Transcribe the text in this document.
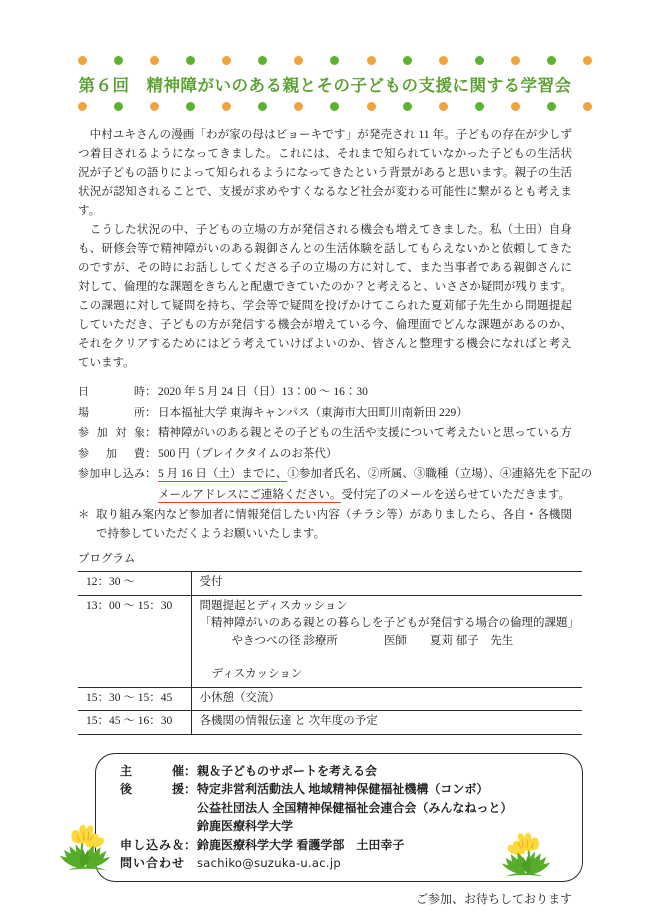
第６回　精神障がいのある親とその子どもの支援に関する学習会

　中村ユキさんの漫画「わが家の母はビョーキです」が発売され 11 年。子どもの存在が少しずつ着目されるようになってきました。これには、それまで知られていなかった子どもの生活状況が子どもの語りによって知られるようになってきたという背景があると思います。親子の生活状況が認知されることで、支援が求めやすくなるなど社会が変わる可能性に繋がるとも考えます。

　こうした状況の中、子どもの立場の方が発信される機会も増えてきました。私（土田）自身も、研修会等で精神障がいのある親御さんとの生活体験を話してもらえないかと依頼してきたのですが、その時にお話ししてくださる子の立場の方に対して、また当事者である親御さんに対して、倫理的な課題をきちんと配慮できていたのか？と考えると、いささか疑問が残ります。この課題に対して疑問を持ち、学会等で疑問を投げかけてこられた夏苅郁子先生から問題提起していただき、子どもの方が発信する機会が増えている今、倫理面でどんな課題があるのか、それをクリアするためにはどう考えていけばよいのか、皆さんと整理する機会になればと考えています。

日時 ： 2020 年 5 月 24 日（日）13：00 ～ 16：30
場所 ： 日本福祉大学 東海キャンパス（東海市大田町川南新田 229）
参加対象 ： 精神障がいのある親とその子どもの生活や支援について考えたいと思っている方
参加費 ： 500 円（ブレイクタイムのお茶代）
参加申し込み ： 5 月 16 日（土）までに、①参加者氏名、②所属、③職種（立場）、④連絡先を下記の
メールアドレスにご連絡ください。受付完了のメールを送らせていただきます。
＊ 取り組み案内など参加者に情報発信したい内容（チラシ等）がありましたら、各自・各機関で持参していただくようお願いいたします。
プログラム
12：30 ～	受付

13：00 ～ 15：30	問題提起とディスカッション
「精神障がいのある親との暮らしを子どもが発信する場合の倫理的課題」
やきつべの径 診療所　　　　医師　　夏苅 郁子　先生
ディスカッション

15：30 ～ 15：45	小休憩（交流）

15：45 ～ 16：30	各機関の情報伝達 と 次年度の予定
主催 ： 親＆子どものサポートを考える会
後援 ： 特定非営利活動法人 地域精神保健福祉機構（コンボ）
公益社団法人 全国精神保健福祉会連合会（みんなねっと）
鈴鹿医療科学大学
申し込み＆ ： 鈴鹿医療科学大学 看護学部　土田幸子
問い合わせ sachiko@suzuka-u.ac.jp
ご参加、お待ちしております
